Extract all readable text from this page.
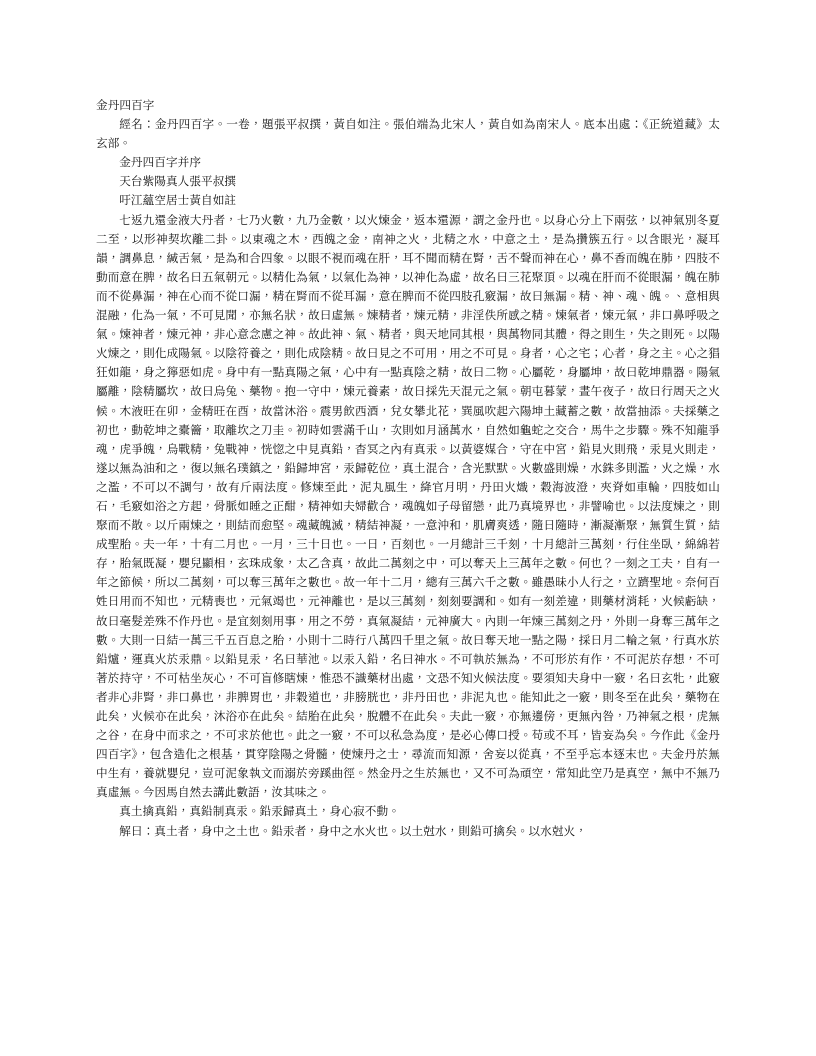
金丹四百字

經名：金丹四百字。一卷，題張平叔撰，黃自如注。張伯端為北宋人，黃自如為南宋人。底本出處：《正統道藏》太玄部。

金丹四百字并序

天台紫陽真人張平叔撰

吁江蘊空居士黃自如註

七返九還金液大丹者，七乃火數，九乃金數，以火煉金，返本還源，謂之金丹也。以身心分上下兩弦，以神氣別冬夏二至，以形神契坎離二卦。以東魂之木，西魄之金，南神之火，北精之水，中意之土，是為攢簇五行。以含眼光，凝耳韻，調鼻息，緘舌氣，是為和合四象。以眼不視而魂在肝，耳不聞而精在腎，舌不聲而神在心，鼻不香而魄在肺，四肢不動而意在脾，故名曰五氣朝元。以精化為氣，以氣化為神，以神化為虛，故名曰三花聚頂。以魂在肝而不從眼漏，魄在肺而不從鼻漏，神在心而不從口漏，精在腎而不從耳漏，意在脾而不從四肢孔竅漏，故曰無漏。精、神、魂、魄。、意相與混融，化為一氣，不可見聞，亦無名狀，故曰虛無。煉精者，煉元精，非淫佚所感之精。煉氣者，煉元氣，非口鼻呼吸之氣。煉神者，煉元神，非心意念慮之神。故此神、氣、精者，與天地同其根，與萬物同其體，得之則生，失之則死。以陽火煉之，則化成陽氣。以陰符養之，則化成陰精。故曰見之不可用，用之不可見。身者，心之宅；心者，身之主。心之猖狂如龍，身之獰惡如虎。身中有一點真陽之氣，心中有一點真陰之精，故曰二物。心屬乾，身屬坤，故曰乾坤鼎器。陽氣屬離，陰精屬坎，故曰烏兔、藥物。抱一守中，煉元養素，故日採先天混元之氣。朝屯暮蒙，晝午夜子，故曰行周天之火候。木液旺在卯，金精旺在酉，故當沐浴。震男飲西酒，兌女攀北花，巽風吹起六陽坤土藏蓄之數，故當抽添。夫採藥之初也，動乾坤之橐籥，取離坎之刀圭。初時如雲滿千山，次則如月涵萬水，自然如龜蛇之交合，馬牛之步驟。殊不知龍爭魂，虎爭魄，烏戰精，兔戰神，恍惚之中見真鉛，杳冥之內有真汞。以黃婆媒合，守在中宮，鉛見火則飛，汞見火則走，遂以無為油和之，復以無名璞鎮之，鉛歸坤宮，汞歸乾位，真土混合，含光默默。火數盛則燥，水銖多則濫，火之燥，水之濫，不可以不調勻，故有斤兩法度。修煉至此，泥丸風生，絳官月明，丹田火熾，穀海波澄，夾脊如車輪，四肢如山石，毛竅如浴之方起，骨脈如睡之正酣，精神如夫婦歡合，魂魄如子母留戀，此乃真境界也，非譬喻也。以法度煉之，則聚而不散。以斤兩煉之，則結而愈堅。魂藏魄滅，精結神凝，一意沖和，肌膚爽透，隨日隨時，漸凝漸聚，無質生質，結成聖胎。夫一年，十有二月也。一月，三十日也。一日，百刻也。一月總計三千刻，十月總計三萬刻，行住坐臥，綿綿若存，胎氣既凝，嬰兒顯相，玄珠成象，太乙含真，故此二萬刻之中，可以奪天上三萬年之數。何也？一刻之工夫，自有一年之節候，所以二萬刻，可以奪三萬年之數也。故一年十二月，總有三萬六千之數。雖愚昧小人行之，立躋聖地。奈何百姓日用而不知也，元精喪也，元氣竭也，元神離也，是以三萬刻，刻刻要調和。如有一刻差違，則藥材消耗，火候虧缺，故曰毫髮差殊不作丹也。是宜刻刻用事，用之不勞，真氣凝結，元神廣大。內則一年煉三萬刻之丹，外則一身奪三萬年之數。大則一日結一萬三千五百息之胎，小則十二時行八萬四千里之氣。故曰奪天地一點之陽，採日月二輪之氣，行真水於鉛爐，運真火於汞鼎。以鉛見汞，名曰華池。以汞入鉛，名曰神水。不可執於無為，不可形於有作，不可泥於存想，不可著於持守，不可枯坐灰心，不可盲修瞎煉，惟恐不識藥材出處，文恐不知火候法度。要須知夫身中一竅，名曰玄牝，此竅者非心非腎，非口鼻也，非脾胃也，非穀道也，非膀胱也，非丹田也，非泥丸也。能知此之一竅，則冬至在此矣，藥物在此矣，火候亦在此矣，沐浴亦在此矣。結胎在此矣，脫體不在此矣。夫此一竅，亦無邊傍，更無內咎，乃神氣之根，虎無之谷，在身中而求之，不可求於他也。此之一竅，不可以私急為度，是必心傳口授。苟或不耳，皆妄為矣。今作此《金丹四百字》，包含造化之根基，貫穿陰陽之骨髓，使煉丹之士，尋流而知源，舍妄以從真，不至乎忘本逐末也。夫金丹於無中生有，養就嬰兒，豈可泥象執文而溺於旁蹊曲徑。然金丹之生於無也，又不可為頑空，常知此空乃是真空，無中不無乃真虛無。今因馬自然去講此數語，汝其味之。

真土擒真鉛，真鉛制真汞。鉛汞歸真土，身心寂不動。

解曰：真土者，身中之土也。鉛汞者，身中之水火也。以土尅水，則鉛可擒矣。以水尅火，
